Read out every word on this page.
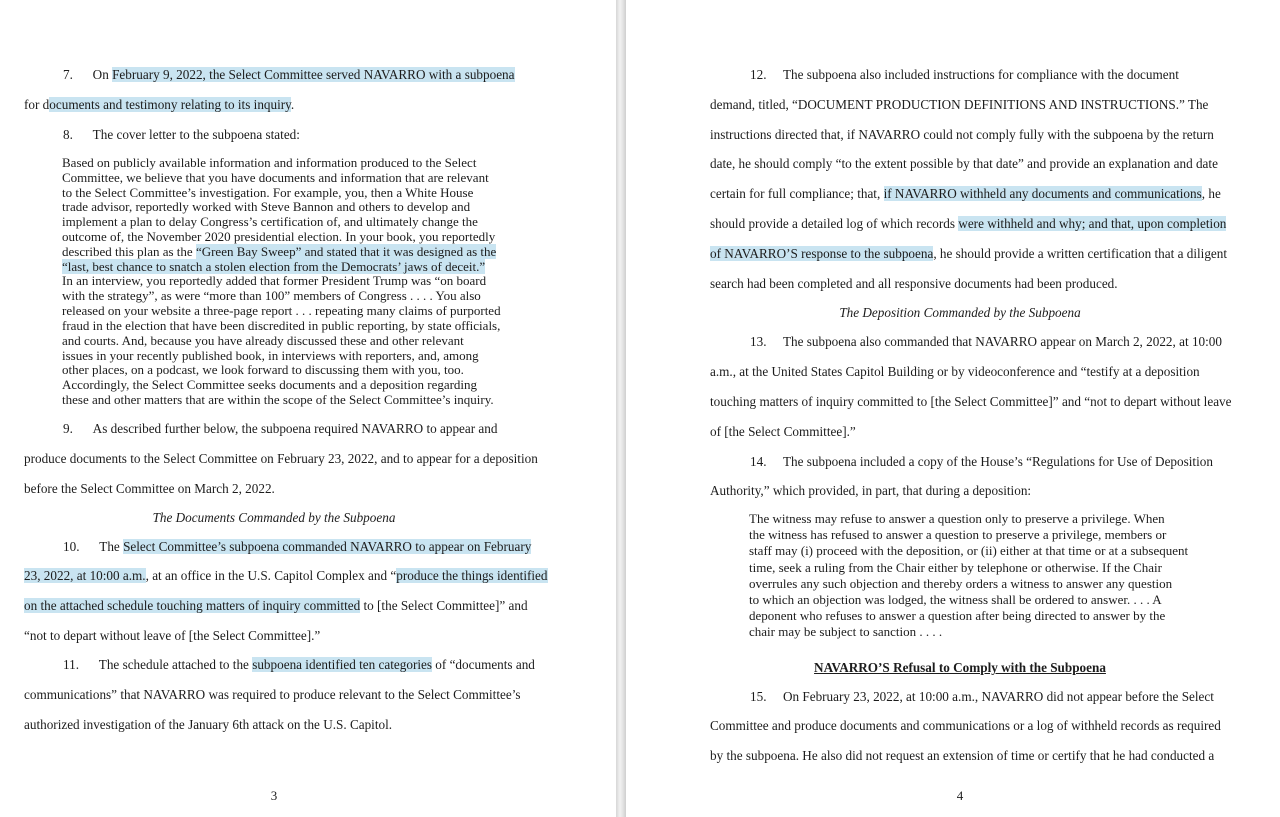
7.      On February 9, 2022, the Select Committee served NAVARRO with a subpoena

for documents and testimony relating to its inquiry.

8.      The cover letter to the subpoena stated:

Based on publicly available information and information produced to the Select

Committee, we believe that you have documents and information that are relevant

to the Select Committee’s investigation. For example, you, then a White House

trade advisor, reportedly worked with Steve Bannon and others to develop and

implement a plan to delay Congress’s certification of, and ultimately change the

outcome of, the November 2020 presidential election. In your book, you reportedly

described this plan as the “Green Bay Sweep” and stated that it was designed as the

“last, best chance to snatch a stolen election from the Democrats’ jaws of deceit.”

In an interview, you reportedly added that former President Trump was “on board

with the strategy”, as were “more than 100” members of Congress . . . . You also

released on your website a three-page report . . . repeating many claims of purported

fraud in the election that have been discredited in public reporting, by state officials,

and courts. And, because you have already discussed these and other relevant

issues in your recently published book, in interviews with reporters, and, among

other places, on a podcast, we look forward to discussing them with you, too.

Accordingly, the Select Committee seeks documents and a deposition regarding

these and other matters that are within the scope of the Select Committee’s inquiry.

9.      As described further below, the subpoena required NAVARRO to appear and

produce documents to the Select Committee on February 23, 2022, and to appear for a deposition

before the Select Committee on March 2, 2022.

The Documents Commanded by the Subpoena

10.      The Select Committee’s subpoena commanded NAVARRO to appear on February

23, 2022, at 10:00 a.m., at an office in the U.S. Capitol Complex and “produce the things identified

on the attached schedule touching matters of inquiry committed to [the Select Committee]” and

“not to depart without leave of [the Select Committee].”

11.      The schedule attached to the subpoena identified ten categories of “documents and

communications” that NAVARRO was required to produce relevant to the Select Committee’s

authorized investigation of the January 6th attack on the U.S. Capitol.

3

12.     The subpoena also included instructions for compliance with the document

demand, titled, “DOCUMENT PRODUCTION DEFINITIONS AND INSTRUCTIONS.” The

instructions directed that, if NAVARRO could not comply fully with the subpoena by the return

date, he should comply “to the extent possible by that date” and provide an explanation and date

certain for full compliance; that, if NAVARRO withheld any documents and communications, he

should provide a detailed log of which records were withheld and why; and that, upon completion

of NAVARRO’S response to the subpoena, he should provide a written certification that a diligent

search had been completed and all responsive documents had been produced.

The Deposition Commanded by the Subpoena

13.     The subpoena also commanded that NAVARRO appear on March 2, 2022, at 10:00

a.m., at the United States Capitol Building or by videoconference and “testify at a deposition

touching matters of inquiry committed to [the Select Committee]” and “not to depart without leave

of [the Select Committee].”

14.     The subpoena included a copy of the House’s “Regulations for Use of Deposition

Authority,” which provided, in part, that during a deposition:

The witness may refuse to answer a question only to preserve a privilege. When

the witness has refused to answer a question to preserve a privilege, members or

staff may (i) proceed with the deposition, or (ii) either at that time or at a subsequent

time, seek a ruling from the Chair either by telephone or otherwise. If the Chair

overrules any such objection and thereby orders a witness to answer any question

to which an objection was lodged, the witness shall be ordered to answer. . . . A

deponent who refuses to answer a question after being directed to answer by the

chair may be subject to sanction . . . .

NAVARRO’S Refusal to Comply with the Subpoena

15.     On February 23, 2022, at 10:00 a.m., NAVARRO did not appear before the Select

Committee and produce documents and communications or a log of withheld records as required

by the subpoena. He also did not request an extension of time or certify that he had conducted a

4
